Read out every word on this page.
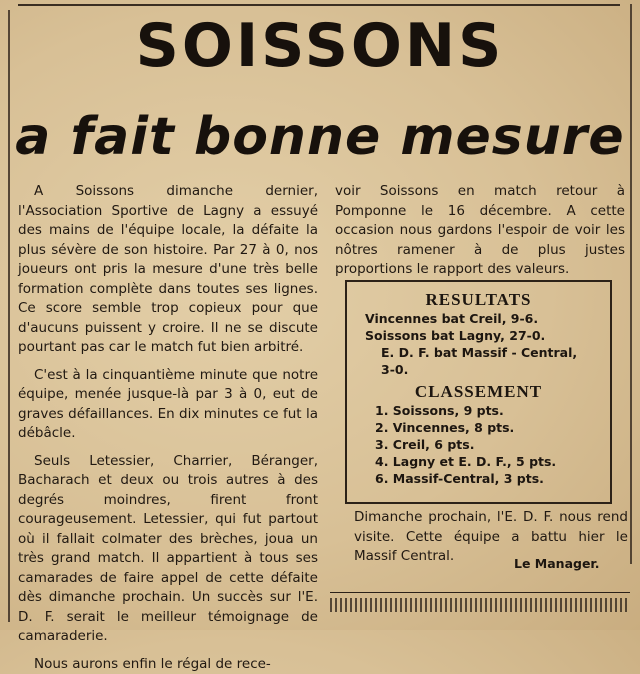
SOISSONS
a fait bonne mesure

A Soissons dimanche dernier, l'Association Sportive de Lagny a essuyé des mains de l'équipe locale, la défaite la plus sévère de son histoire. Par 27 à 0, nos joueurs ont pris la mesure d'une très belle formation complète dans toutes ses lignes. Ce score semble trop copieux pour que d'aucuns puissent y croire. Il ne se discute pourtant pas car le match fut bien arbitré.

C'est à la cinquantième minute que notre équipe, menée jusque-là par 3 à 0, eut de graves défaillances. En dix minutes ce fut la débâcle.

Seuls Letessier, Charrier, Béranger, Bacharach et deux ou trois autres à des degrés moindres, firent front courageusement. Letessier, qui fut partout où il fallait colmater des brèches, joua un très grand match. Il appartient à tous ses camarades de faire appel de cette défaite dès dimanche prochain. Un succès sur l'E. D. F. serait le meilleur témoignage de camaraderie.

Nous aurons enfin le régal de rece-

voir Soissons en match retour à Pomponne le 16 décembre. A cette occasion nous gardons l'espoir de voir les nôtres ramener à de plus justes proportions le rapport des valeurs.

RESULTATS

Vincennes bat Creil, 9-6.
Soissons bat Lagny, 27-0.
E. D. F. bat Massif - Central,
3-0.

CLASSEMENT

1. Soissons, 9 pts.
2. Vincennes, 8 pts.
3. Creil, 6 pts.
4. Lagny et E. D. F., 5 pts.
6. Massif-Central, 3 pts.

Dimanche prochain, l'E. D. F. nous rend visite. Cette équipe a battu hier le Massif Central.	Le Manager.
